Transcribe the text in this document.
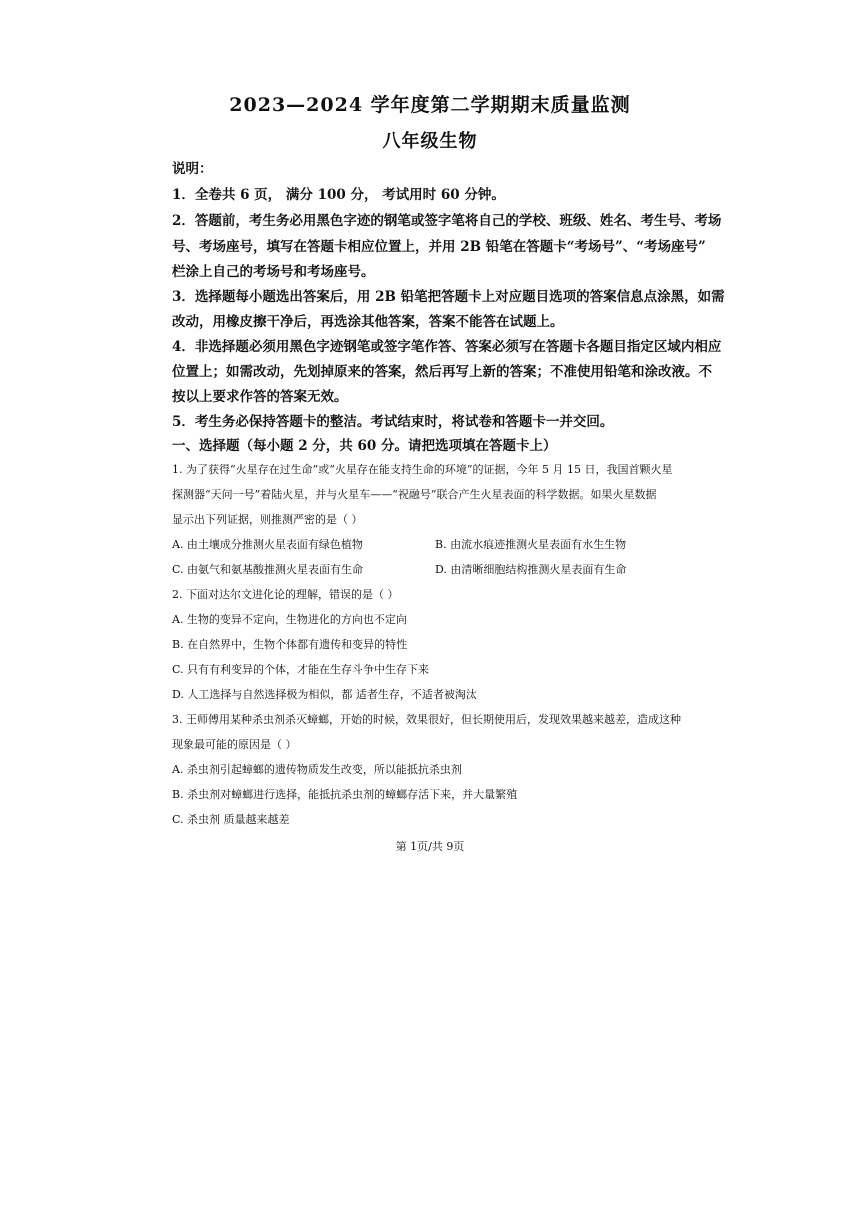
2023—2024 学年度第二学期期末质量监测
八年级生物
说明：
1．全卷共 6 页， 满分 100 分， 考试用时 60 分钟。
2．答题前，考生务必用黑色字迹的钢笔或签字笔将自己的学校、班级、姓名、考生号、考场
号、考场座号，填写在答题卡相应位置上，并用 2B 铅笔在答题卡“考场号”、“考场座号”
栏涂上自己的考场号和考场座号。
3．选择题每小题选出答案后，用 2B 铅笔把答题卡上对应题目选项的答案信息点涂黑，如需
改动，用橡皮擦干净后，再选涂其他答案，答案不能答在试题上。
4．非选择题必须用黑色字迹钢笔或签字笔作答、答案必须写在答题卡各题目指定区域内相应
位置上；如需改动，先划掉原来的答案，然后再写上新的答案；不准使用铅笔和涂改液。不
按以上要求作答的答案无效。
5．考生务必保持答题卡的整洁。考试结束时，将试卷和答题卡一并交回。
一、选择题（每小题 2 分，共 60 分。请把选项填在答题卡上）
1. 为了获得“火星存在过生命”或“火星存在能支持生命的环境”的证据，今年 5 月 15 日，我国首颗火星
探测器“天问一号”着陆火星，并与火星车——“祝融号”联合产生火星表面的科学数据。如果火星数据
显示出下列证据，则推测严密的是（ ）
A. 由土壤成分推测火星表面有绿色植物	B. 由流水痕迹推测火星表面有水生生物
C. 由氨气和氨基酸推测火星表面有生命	D. 由清晰细胞结构推测火星表面有生命
2. 下面对达尔文进化论的理解，错误的是（ ）
A. 生物的变异不定向，生物进化的方向也不定向
B. 在自然界中，生物个体都有遗传和变异的特性
C. 只有有利变异的个体，才能在生存斗争中生存下来
D. 人工选择与自然选择极为相似，都 适者生存，不适者被淘汰
3. 王师傅用某种杀虫剂杀灭蟑螂，开始的时候，效果很好，但长期使用后，发现效果越来越差，造成这种
现象最可能的原因是（ ）
A. 杀虫剂引起蟑螂的遗传物质发生改变，所以能抵抗杀虫剂
B. 杀虫剂对蟑螂进行选择，能抵抗杀虫剂的蟑螂存活下来，并大量繁殖
C. 杀虫剂 质量越来越差
第 1页/共 9页
